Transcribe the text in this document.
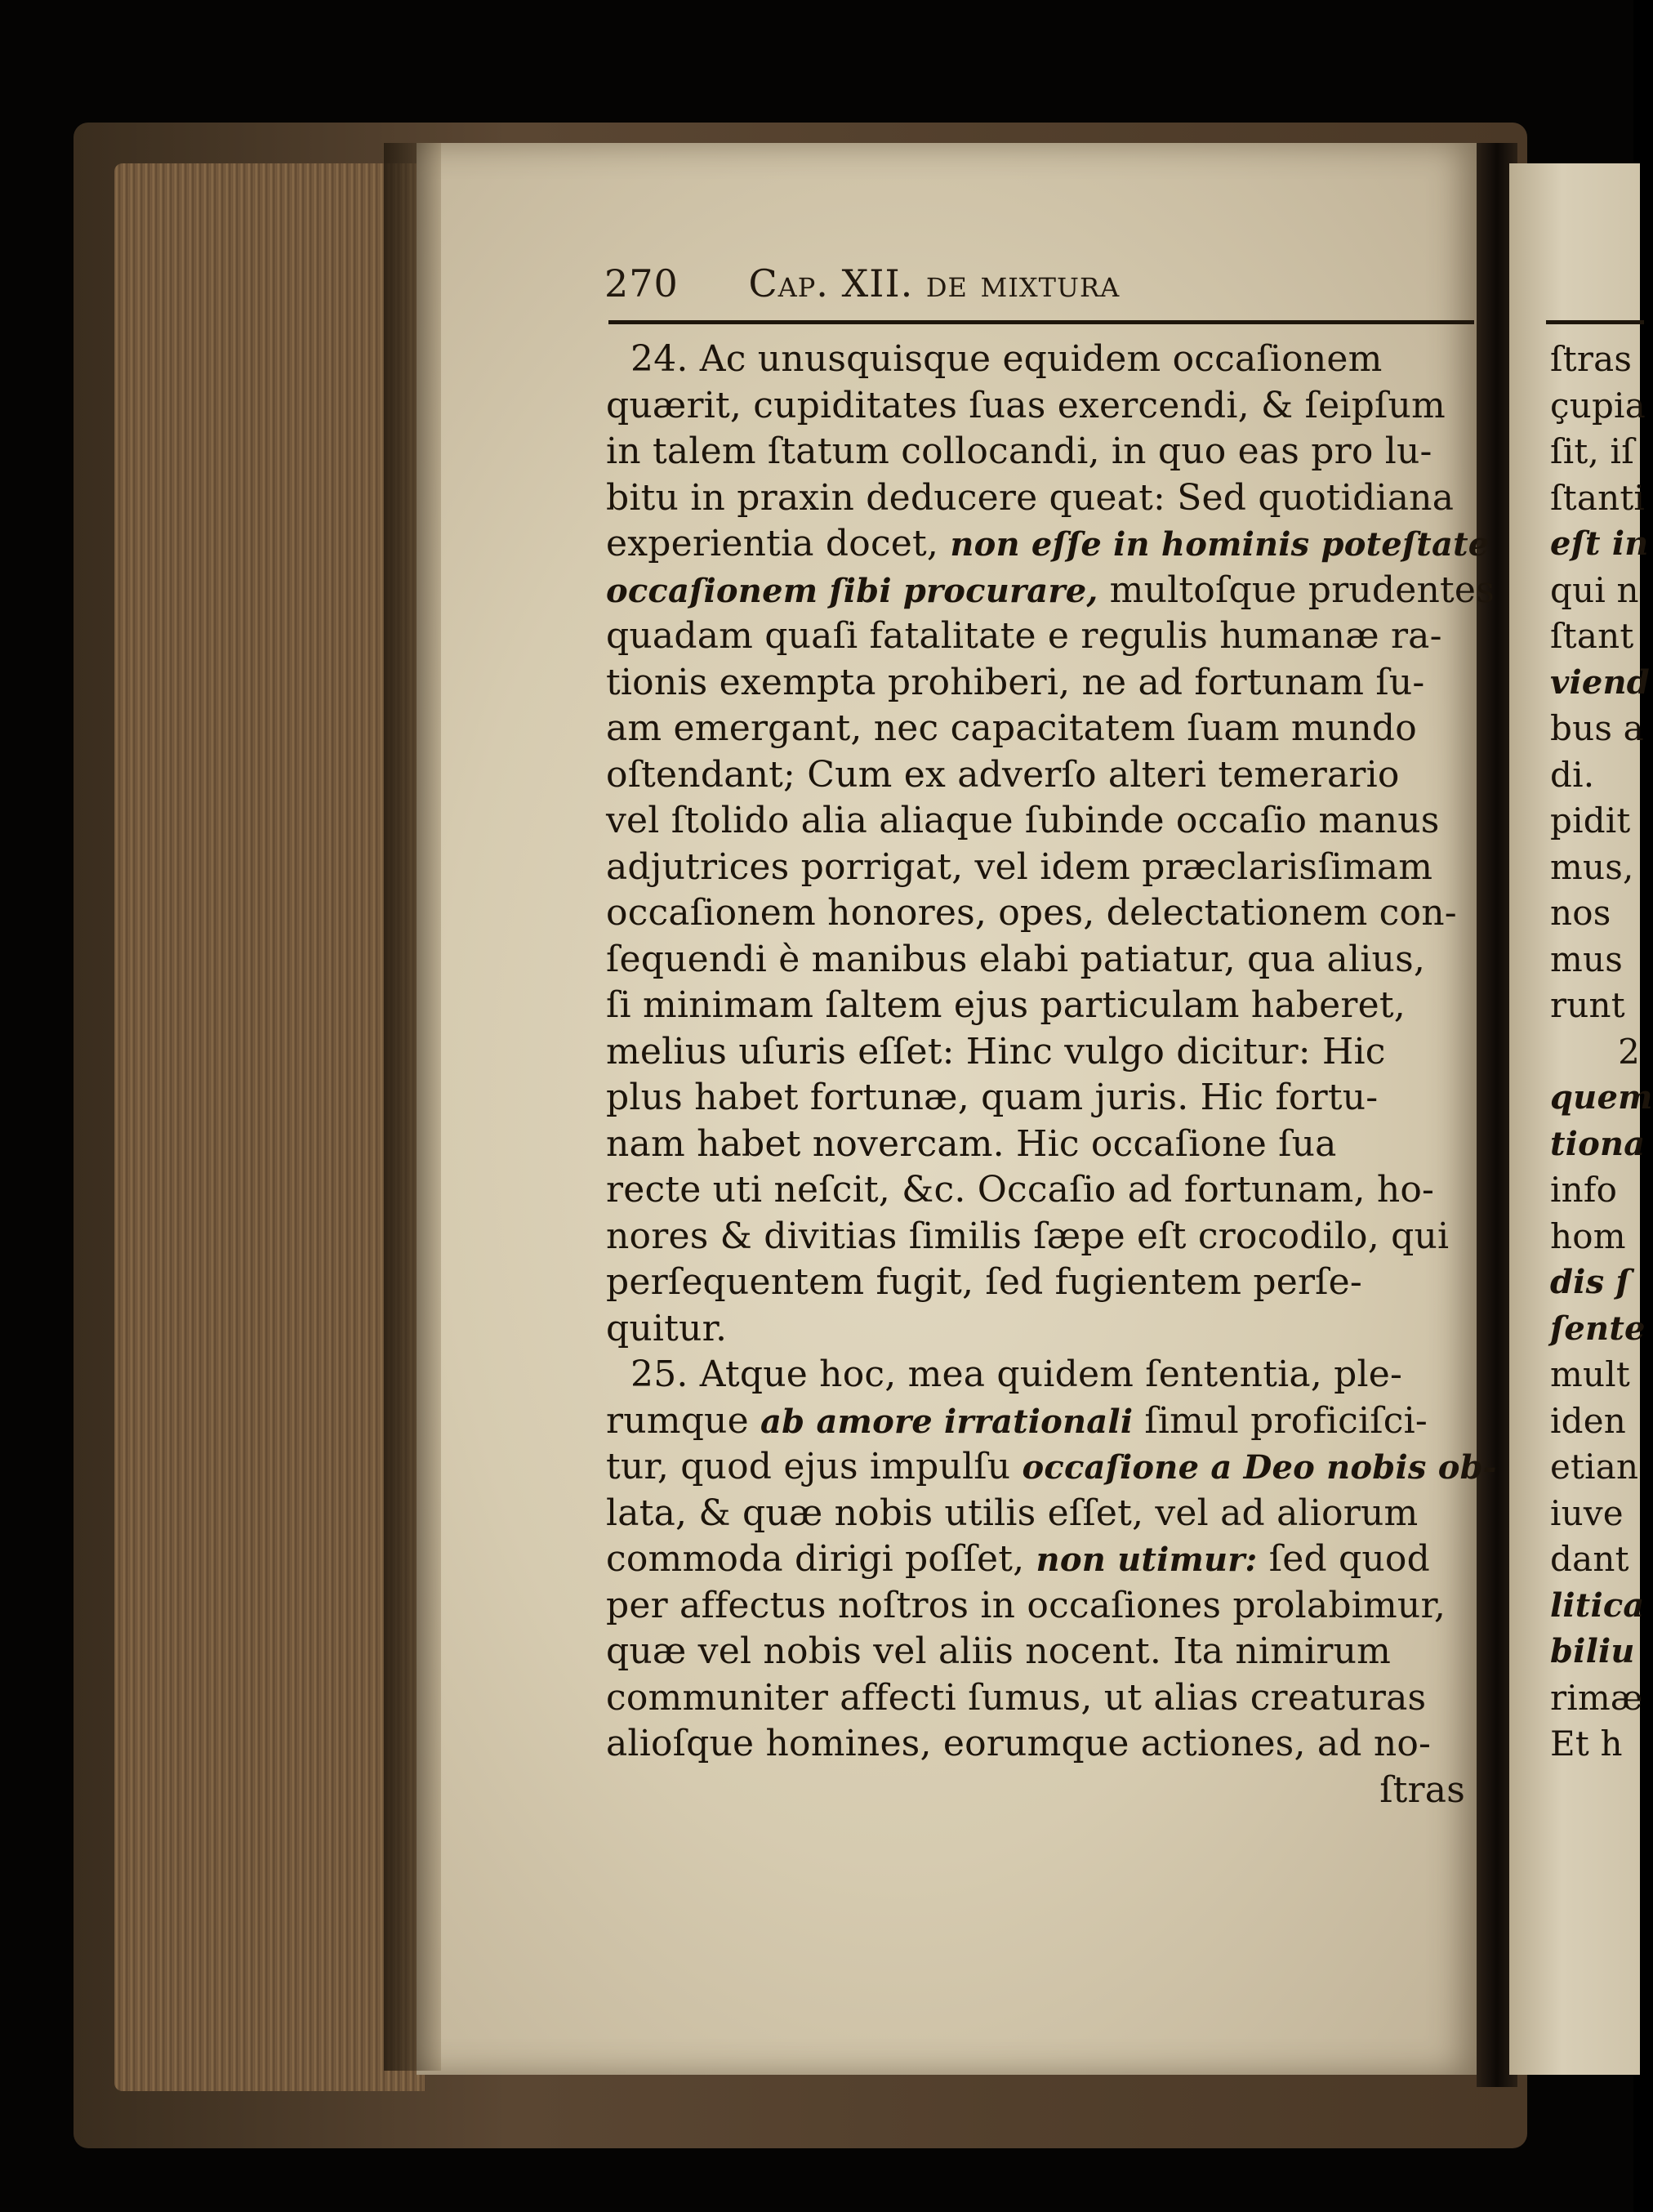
270 Cap. XII. de mixtura
24. Ac unusquisque equidem occaſionem
quærit, cupiditates ſuas exercendi, & ſeipſum
in talem ſtatum collocandi, in quo eas pro lu-
bitu in praxin deducere queat: Sed quotidiana
experientia docet, non eſſe in hominis poteſtate
occaſionem ſibi procurare, multoſque prudentes
quadam quaſi fatalitate e regulis humanæ ra-
tionis exempta prohiberi, ne ad fortunam ſu-
am emergant, nec capacitatem ſuam mundo
oſtendant; Cum ex adverſo alteri temerario
vel ſtolido alia aliaque ſubinde occaſio manus
adjutrices porrigat, vel idem præclarisſimam
occaſionem honores, opes, delectationem con-
ſequendi è manibus elabi patiatur, qua alius,
ſi minimam ſaltem ejus particulam haberet,
melius uſuris eſſet: Hinc vulgo dicitur: Hic
plus habet fortunæ, quam juris. Hic fortu-
nam habet novercam. Hic occaſione ſua
recte uti neſcit, &c. Occaſio ad fortunam, ho-
nores & divitias ſimilis ſæpe eſt crocodilo, qui
perſequentem fugit, ſed fugientem perſe-
quitur.
25. Atque hoc, mea quidem ſententia, ple-
rumque ab amore irrationali ſimul proficiſci-
tur, quod ejus impulſu occaſione a Deo nobis ob-
lata, & quæ nobis utilis eſſet, vel ad aliorum
commoda dirigi poſſet, non utimur: ſed quod
per affectus noſtros in occaſiones prolabimur,
quæ vel nobis vel aliis nocent. Ita nimirum
communiter affecti ſumus, ut alias creaturas
alioſque homines, eorumque actiones, ad no-
ſtras
ſtras
çupia
ſit, iſ
ſtanti
eſt in
qui n
ſtant
viend
bus a
di.
pidit
mus,
nos
mus
runt
2
quem
tiona
info
hom
dis ſ
ſente
mult
iden
etian
iuve
dant
litica
biliu
rimæ
Et h
